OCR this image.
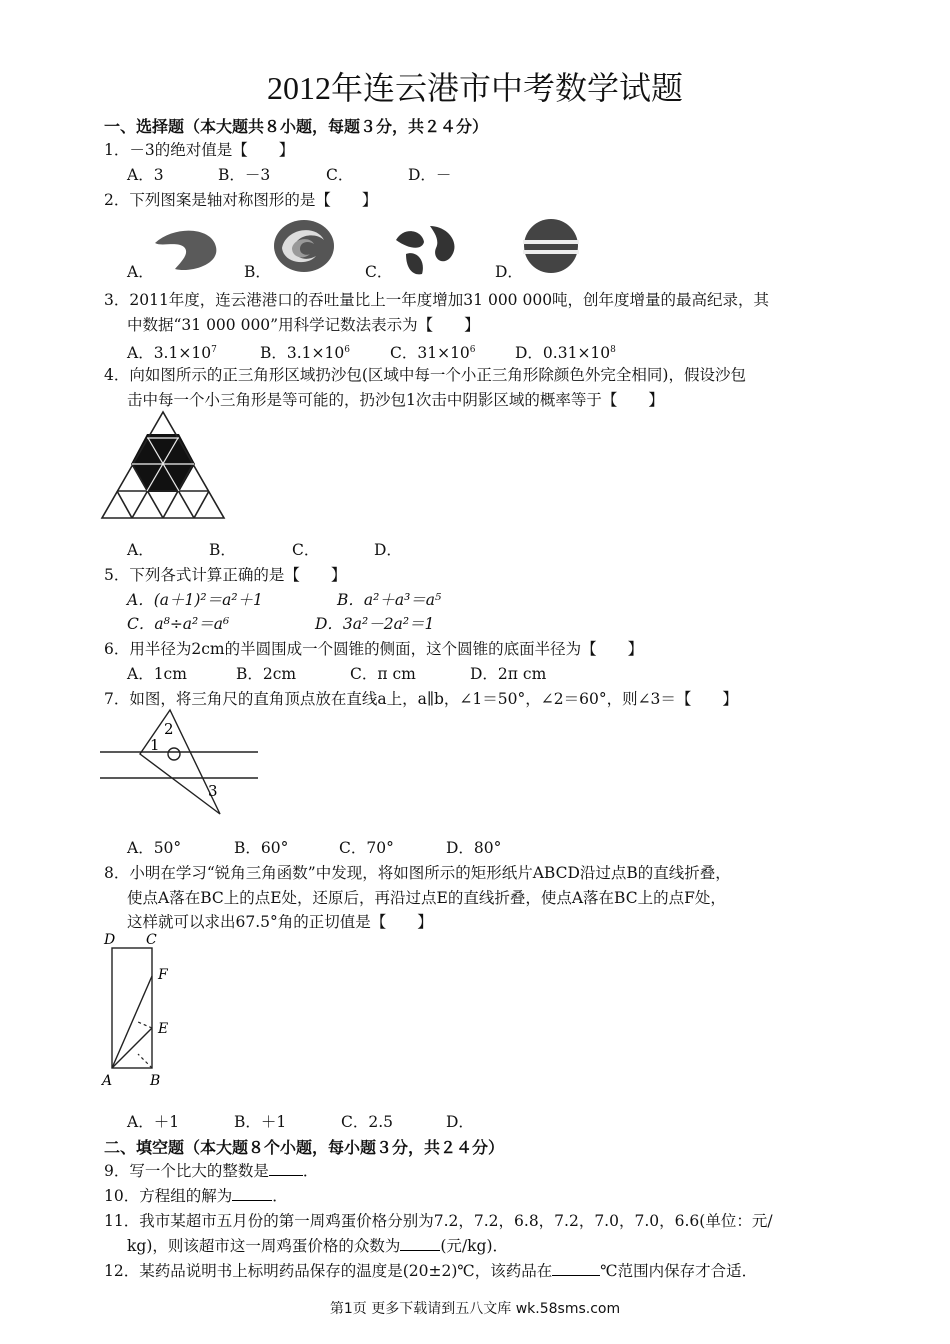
2012年连云港市中考数学试题
一、选择题（本大题共８小题，每题３分，共２４分）
1．－3的绝对值是【　　】
A．3	B．－3	C．	D．－
2．下列图案是轴对称图形的是【　　】
A．	B．	C．	D．
3．2011年度，连云港港口的吞吐量比上一年度增加31 000 000吨，创年度增量的最高纪录，其
中数据“31 000 000”用科学记数法表示为【　　】
A．$3.1\times 10^7$	B．$3.1\times 10^6$	C．$31\times 10^6$	D．$0.31\times 10^8$
4．向如图所示的正三角形区域扔沙包(区域中每一个小正三角形除颜色外完全相同)，假设沙包
击中每一个小三角形是等可能的，扔沙包1次击中阴影区域的概率等于【　　】
A．	B．	C．	D．
5．下列各式计算正确的是【　　】
A．(a＋1)²＝a²＋1	B．a²＋a³＝a⁵
C．a⁸÷a²＝a⁶	D．3a²－2a²＝1
6．用半径为2cm的半圆围成一个圆锥的侧面，这个圆锥的底面半径为【　　】
A．1cm	B．2cm	C．π cm	D．2π cm
7．如图，将三角尺的直角顶点放在直线a上，a∥b，∠1＝50°，∠2＝60°，则∠3＝【　　】
1
2
3
A．50°	B．60°	C．70°	D．80°
8．小明在学习“锐角三角函数”中发现，将如图所示的矩形纸片ABCD沿过点B的直线折叠，
使点A落在BC上的点E处，还原后，再沿过点E的直线折叠，使点A落在BC上的点F处，
这样就可以求出67.5°角的正切值是【　　】
D C
F
E
A	B
A．＋1	B．＋1	C．2.5	D．
二、填空题（本大题８个小题，每小题３分，共２４分）
9．写一个比大的整数是 ．
10．方程组的解为	．
11．我市某超市五月份的第一周鸡蛋价格分别为7.2，7.2，6.8，7.2，7.0，7.0，6.6(单位：元/
kg)，则该超市这一周鸡蛋价格的众数为	(元/kg)．
12．某药品说明书上标明药品保存的温度是(20±2)℃，该药品在	℃范围内保存才合适．
第1页 更多下载请到五八文库 wk.58sms.com
